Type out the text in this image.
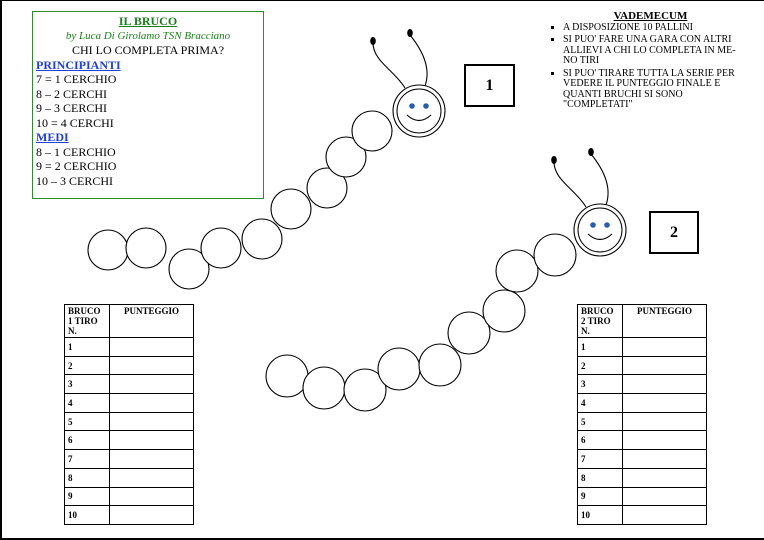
IL BRUCO
by Luca Di Girolamo TSN Bracciano
CHI LO COMPLETA PRIMA?
PRINCIPIANTI
7 = 1 CERCHIO
8 – 2 CERCHI
9 – 3 CERCHI
10 = 4 CERCHI
MEDI
8 – 1 CERCHIO
9 = 2 CERCHIO
10 – 3 CERCHI
VADEMECUM
▪ A DISPOSIZIONE 10 PALLINI
▪ SI PUO' FARE UNA GARA CON ALTRI ALLIEVI A CHI LO COMPLETA IN ME-NO TIRI
▪ SI PUO' TIRARE TUTTA LA SERIE PER VEDERE IL PUNTEGGIO FINALE E QUANTI BRUCHI SI SONO "COMPLETATI"
1
2
BRUCO 1 TIRO N.	PUNTEGGIO
1	
2	
3	
4	
5	
6	
7	
8	
9	
10	
BRUCO 2 TIRO N.	PUNTEGGIO
1	
2	
3	
4	
5	
6	
7	
8	
9	
10	
